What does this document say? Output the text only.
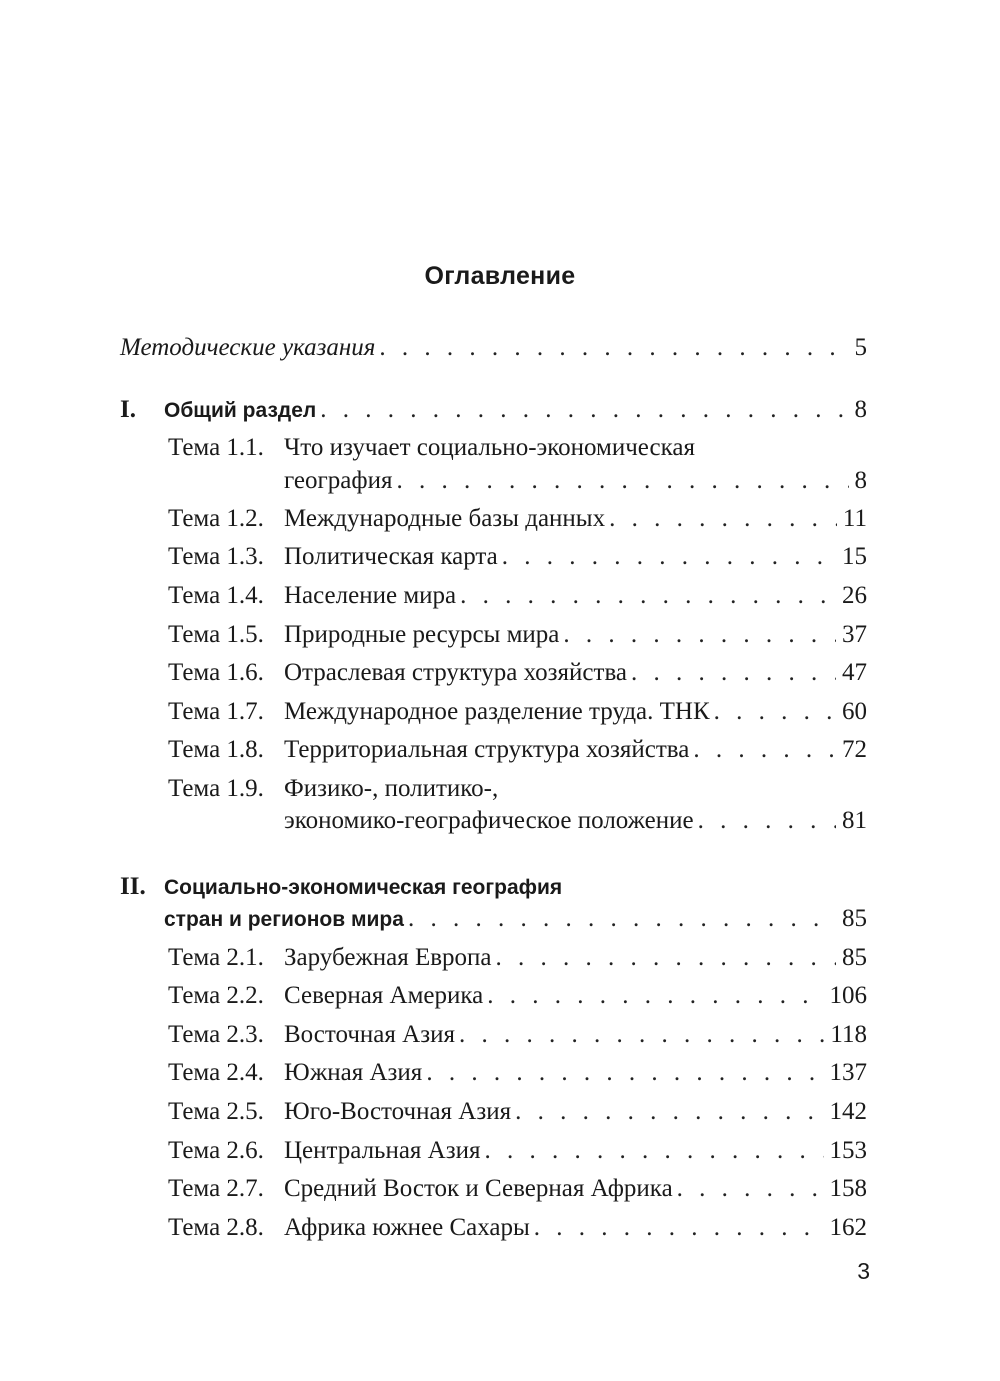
Оглавление
Методические указания . . .	5
I. Общий раздел . . .	8
Тема 1.1. Что изучает социально-экономическая
география . . .	8
Тема 1.2. Международные базы данных . . .	11
Тема 1.3. Политическая карта . . .	15
Тема 1.4. Население мира . . .	26
Тема 1.5. Природные ресурсы мира . . .	37
Тема 1.6. Отраслевая структура хозяйства . . .	47
Тема 1.7. Международное разделение труда. ТНК . . .	60
Тема 1.8. Территориальная структура хозяйства . . .	72
Тема 1.9. Физико-, политико-,
экономико-географическое положение . . .	81
II. Социально-экономическая география
стран и регионов мира . . .	85
Тема 2.1. Зарубежная Европа . . .	85
Тема 2.2. Северная Америка . . .	106
Тема 2.3. Восточная Азия . . .	118
Тема 2.4. Южная Азия . . .	137
Тема 2.5. Юго-Восточная Азия . . .	142
Тема 2.6. Центральная Азия . . .	153
Тема 2.7. Средний Восток и Северная Африка . . .	158
Тема 2.8. Африка южнее Сахары . . .	162
3
